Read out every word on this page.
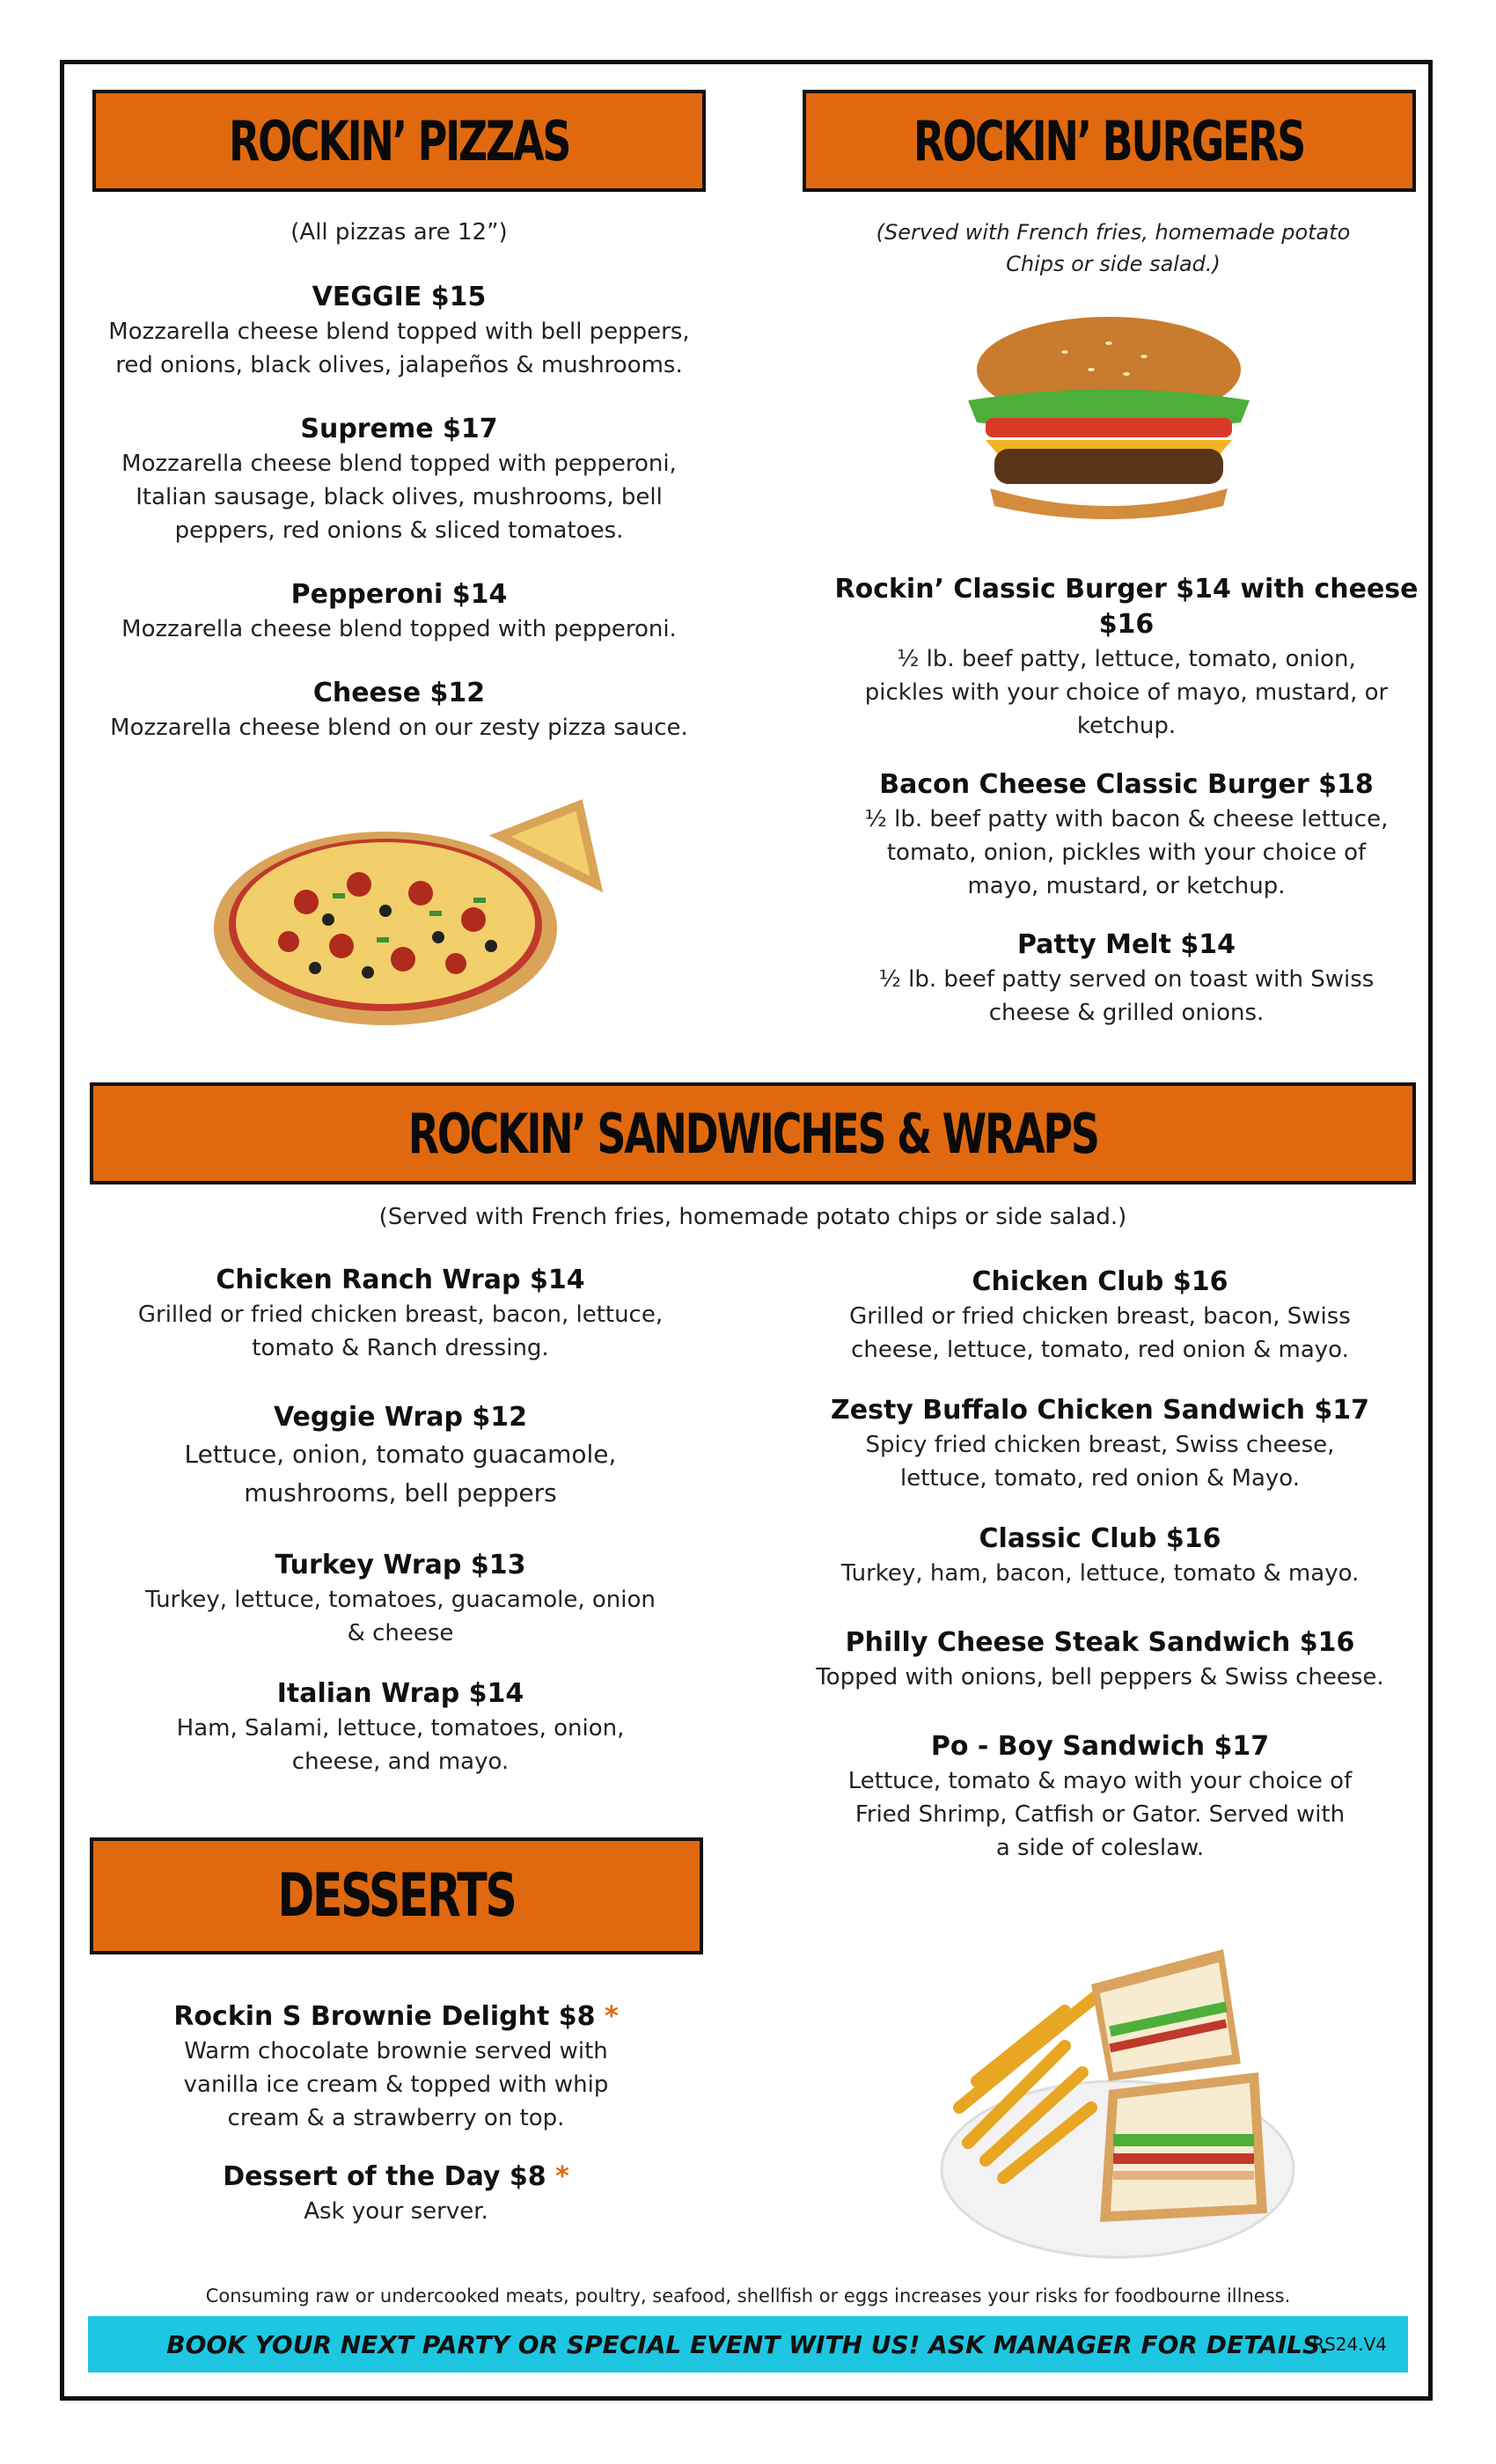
ROCKIN’ PIZZAS
(All pizzas are 12”)
VEGGIE $15
Mozzarella cheese blend topped with bell peppers, red onions, black olives, jalapeños & mushrooms.
Supreme $17
Mozzarella cheese blend topped with pepperoni, Italian sausage, black olives, mushrooms, bell peppers, red onions & sliced tomatoes.
Pepperoni $14
Mozzarella cheese blend topped with pepperoni.
Cheese $12
Mozzarella cheese blend on our zesty pizza sauce.
ROCKIN’ BURGERS
(Served with French fries, homemade potato Chips or side salad.)
Rockin’ Classic Burger $14 with cheese $16
½ lb. beef patty, lettuce, tomato, onion, pickles with your choice of mayo, mustard, or ketchup.
Bacon Cheese Classic Burger $18
½ lb. beef patty with bacon & cheese lettuce, tomato, onion, pickles with your choice of mayo, mustard, or ketchup.
Patty Melt $14
½ lb. beef patty served on toast with Swiss cheese & grilled onions.
ROCKIN’ SANDWICHES & WRAPS
(Served with French fries, homemade potato chips or side salad.)
Chicken Ranch Wrap $14
Grilled or fried chicken breast, bacon, lettuce, tomato & Ranch dressing.
Veggie Wrap $12
Lettuce, onion, tomato guacamole, mushrooms, bell peppers
Turkey Wrap $13
Turkey, lettuce, tomatoes, guacamole, onion & cheese
Italian Wrap $14
Ham, Salami, lettuce, tomatoes, onion, cheese, and mayo.
Chicken Club $16
Grilled or fried chicken breast, bacon, Swiss cheese, lettuce, tomato, red onion & mayo.
Zesty Buffalo Chicken Sandwich $17
Spicy fried chicken breast, Swiss cheese, lettuce, tomato, red onion & Mayo.
Classic Club $16
Turkey, ham, bacon, lettuce, tomato & mayo.
Philly Cheese Steak Sandwich $16
Topped with onions, bell peppers & Swiss cheese.
Po - Boy Sandwich $17
Lettuce, tomato & mayo with your choice of Fried Shrimp, Catfish or Gator. Served with a side of coleslaw.
DESSERTS
Rockin S Brownie Delight $8 *
Warm chocolate brownie served with vanilla ice cream & topped with whip cream & a strawberry on top.
Dessert of the Day $8 *
Ask your server.
Consuming raw or undercooked meats, poultry, seafood, shellfish or eggs increases your risks for foodbourne illness.
BOOK YOUR NEXT PARTY OR SPECIAL EVENT WITH US! ASK MANAGER FOR DETAILS.
RS24.V4
